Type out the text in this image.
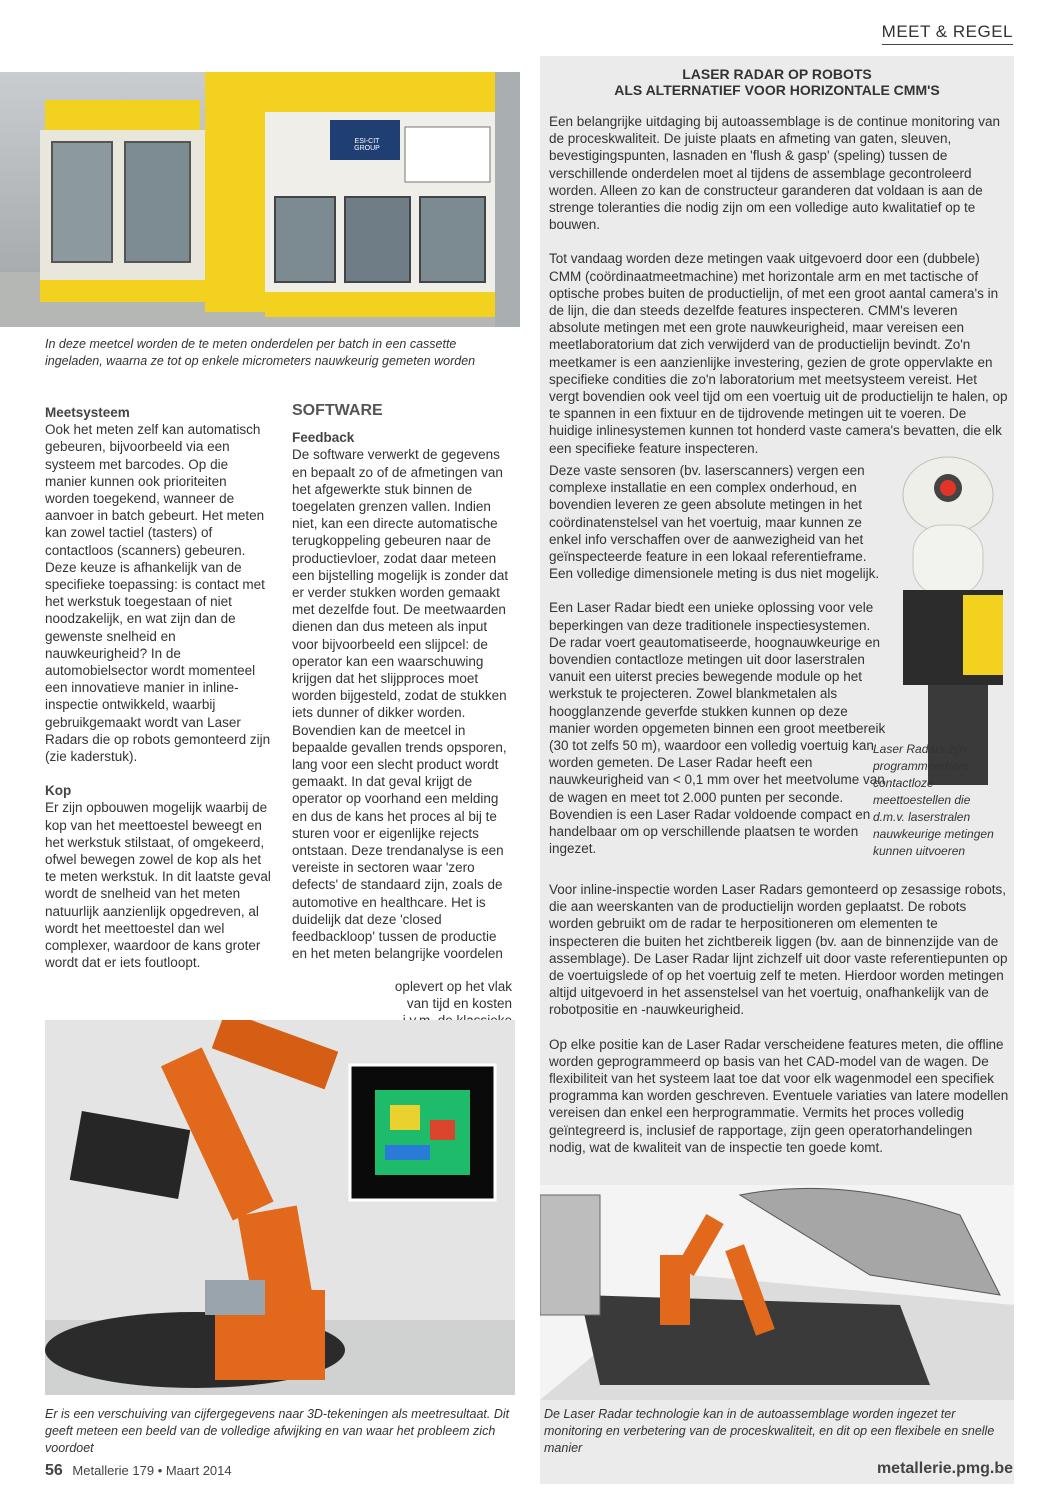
MEET & REGEL
ESI-CIT GROUP
In deze meetcel worden de te meten onderdelen per batch in een cassette ingeladen, waarna ze tot op enkele micrometers nauwkeurig gemeten worden
Meetsysteem

Ook het meten zelf kan automatisch gebeuren, bijvoorbeeld via een systeem met barcodes. Op die manier kunnen ook prioriteiten worden toegekend, wanneer de aanvoer in batch gebeurt. Het meten kan zowel tactiel (tasters) of contactloos (scanners) gebeuren. Deze keuze is afhankelijk van de specifieke toepassing: is contact met het werkstuk toegestaan of niet noodzakelijk, en wat zijn dan de gewenste snelheid en nauwkeurigheid? In de automobielsector wordt momenteel een innovatieve manier in inline-inspectie ontwikkeld, waarbij gebruikgemaakt wordt van Laser Radars die op robots gemonteerd zijn (zie kaderstuk).

Kop

Er zijn opbouwen mogelijk waarbij de kop van het meettoestel beweegt en het werkstuk stilstaat, of omgekeerd, ofwel bewegen zowel de kop als het te meten werkstuk. In dit laatste geval wordt de snelheid van het meten natuurlijk aanzienlijk opgedreven, al wordt het meettoestel dan wel complexer, waardoor de kans groter wordt dat er iets foutloopt.

SOFTWARE
Feedback

De software verwerkt de gegevens en bepaalt zo of de afmetingen van het afgewerkte stuk binnen de toegelaten grenzen vallen. Indien niet, kan een directe automatische terugkoppeling gebeuren naar de productievloer, zodat daar meteen een bijstelling mogelijk is zonder dat er verder stukken worden gemaakt met dezelfde fout. De meetwaarden dienen dan dus meteen als input voor bijvoorbeeld een slijpcel: de operator kan een waarschuwing krijgen dat het slijpproces moet worden bijgesteld, zodat de stukken iets dunner of dikker worden. Bovendien kan de meetcel in bepaalde gevallen trends opsporen, lang voor een slecht product wordt gemaakt. In dat geval krijgt de operator op voorhand een melding en dus de kans het proces al bij te sturen voor er eigenlijke rejects ontstaan. Deze trendanalyse is een vereiste in sectoren waar 'zero defects' de standaard zijn, zoals de automotive en healthcare. Het is duidelijk dat deze 'closed feedbackloop' tussen de productie en het meten belangrijke voordelen

oplevert op het vlak van tijd en kosten
Er is een verschuiving van cijfergegevens naar 3D-tekeningen als meetresultaat. Dit geeft meteen een beeld van de volledige afwijking en van waar het probleem zich voordoet
LASER RADAR OP ROBOTS
ALS ALTERNATIEF VOOR HORIZONTALE CMM'S

Een belangrijke uitdaging bij autoassemblage is de continue monitoring van de proceskwaliteit. De juiste plaats en afmeting van gaten, sleuven, bevestigingspunten, lasnaden en 'flush & gasp' (speling) tussen de verschillende onderdelen moet al tijdens de assemblage gecontroleerd worden. Alleen zo kan de constructeur garanderen dat voldaan is aan de strenge toleranties die nodig zijn om een volledige auto kwalitatief op te bouwen.

Tot vandaag worden deze metingen vaak uitgevoerd door een (dubbele) CMM (coördinaatmeetmachine) met horizontale arm en met tactische of optische probes buiten de productielijn, of met een groot aantal camera's in de lijn, die dan steeds dezelfde features inspecteren. CMM's leveren absolute metingen met een grote nauwkeurigheid, maar vereisen een meetlaboratorium dat zich verwijderd van de productielijn bevindt. Zo'n meetkamer is een aanzienlijke investering, gezien de grote oppervlakte en specifieke condities die zo'n laboratorium met meetsysteem vereist. Het vergt bovendien ook veel tijd om een voertuig uit de productielijn te halen, op te spannen in een fixtuur en de tijdrovende metingen uit te voeren. De huidige inlinesystemen kunnen tot honderd vaste camera's bevatten, die elk een specifieke feature inspecteren.

Deze vaste sensoren (bv. laserscanners) vergen een complexe installatie en een complex onderhoud, en bovendien leveren ze geen absolute metingen in het coördinatenstelsel van het voertuig, maar kunnen ze enkel info verschaffen over de aanwezigheid van het geïnspecteerde feature in een lokaal referentieframe. Een volledige dimensionele meting is dus niet mogelijk.

Een Laser Radar biedt een unieke oplossing voor vele beperkingen van deze traditionele inspectiesystemen. De radar voert geautomatiseerde, hoognauwkeurige en bovendien contactloze metingen uit door laserstralen vanuit een uiterst precies bewegende module op het werkstuk te projecteren. Zowel blankmetalen als hoogglanzende geverfde stukken kunnen op deze manier worden opgemeten binnen een groot meetbereik (30 tot zelfs 50 m), waardoor een volledig voertuig kan worden gemeten. De Laser Radar heeft een nauwkeurigheid van < 0,1 mm over het meetvolume van de wagen en meet tot 2.000 punten per seconde. Bovendien is een Laser Radar voldoende compact en handelbaar om op verschillende plaatsen te worden ingezet.

Laser Radars zijn programmeerbare, contactloze meettoestellen die d.m.v. laserstralen nauwkeurige metingen kunnen uitvoeren

Voor inline-inspectie worden Laser Radars gemonteerd op zesassige robots, die aan weerskanten van de productielijn worden geplaatst. De robots worden gebruikt om de radar te herpositioneren om elementen te inspecteren die buiten het zichtbereik liggen (bv. aan de binnenzijde van de assemblage). De Laser Radar lijnt zichzelf uit door vaste referentiepunten op de voertuigslede of op het voertuig zelf te meten. Hierdoor worden metingen altijd uitgevoerd in het assenstelsel van het voertuig, onafhankelijk van de robotpositie en -nauwkeurigheid.

Op elke positie kan de Laser Radar verscheidene features meten, die offline worden geprogrammeerd op basis van het CAD-model van de wagen. De flexibiliteit van het systeem laat toe dat voor elk wagenmodel een specifiek programma kan worden geschreven. Eventuele variaties van latere modellen vereisen dan enkel een herprogrammatie. Vermits het proces volledig geïntegreerd is, inclusief de rapportage, zijn geen operatorhandelingen nodig, wat de kwaliteit van de inspectie ten goede komt.

De Laser Radar technologie kan in de autoassemblage worden ingezet ter monitoring en verbetering van de proceskwaliteit, en dit op een flexibele en snelle manier
56 Metallerie 179 • Maart 2014	metallerie.pmg.be
